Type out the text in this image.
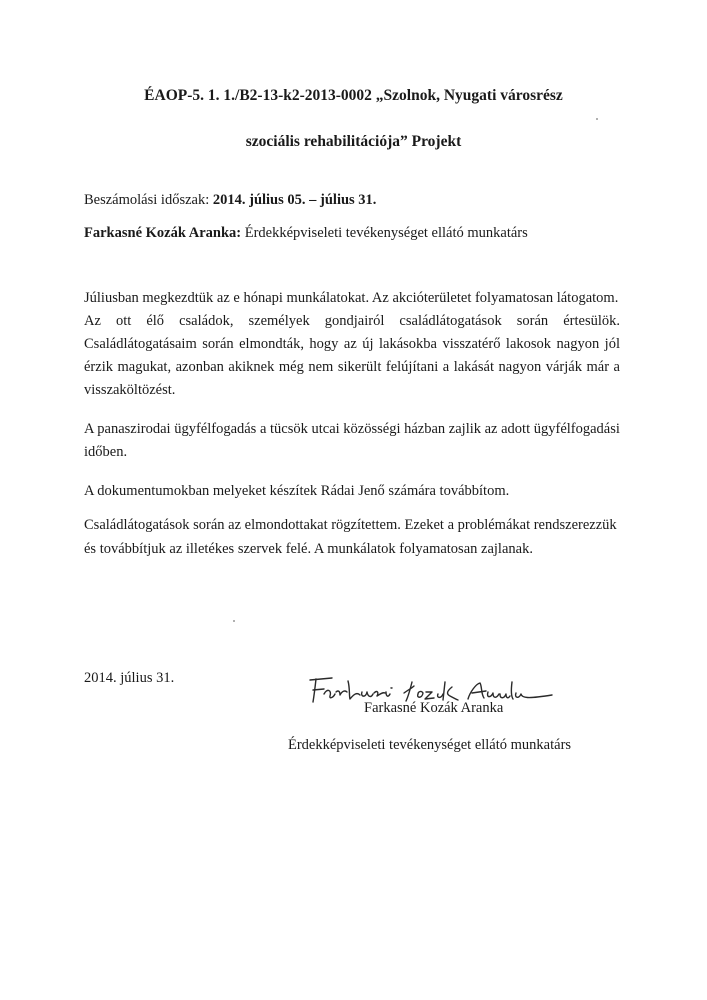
ÉAOP-5. 1. 1./B2-13-k2-2013-0002 „Szolnok, Nyugati városrész
szociális rehabilitációja” Projekt
Beszámolási időszak: 2014. július 05. – július 31.
Farkasné Kozák Aranka: Érdekképviseleti tevékenységet ellátó munkatárs
Júliusban megkezdtük az e hónapi munkálatokat. Az akcióterületet folyamatosan látogatom.
Az ott élő családok, személyek gondjairól családlátogatások során értesülök.
Családlátogatásaim során elmondták, hogy az új lakásokba visszatérő lakosok nagyon jól
érzik magukat, azonban akiknek még nem sikerült felújítani a lakását nagyon várják már a
visszaköltözést.
A panaszirodai ügyfélfogadás a tücsök utcai közösségi házban zajlik az adott ügyfélfogadási
időben.
A dokumentumokban melyeket készítek Rádai Jenő számára továbbítom.
Családlátogatások során az elmondottakat rögzítettem. Ezeket a problémákat rendszerezzük
és továbbítjuk az illetékes szervek felé. A munkálatok folyamatosan zajlanak.
2014. július 31.
Farkasné Kozák Aranka
Érdekképviseleti tevékenységet ellátó munkatárs
